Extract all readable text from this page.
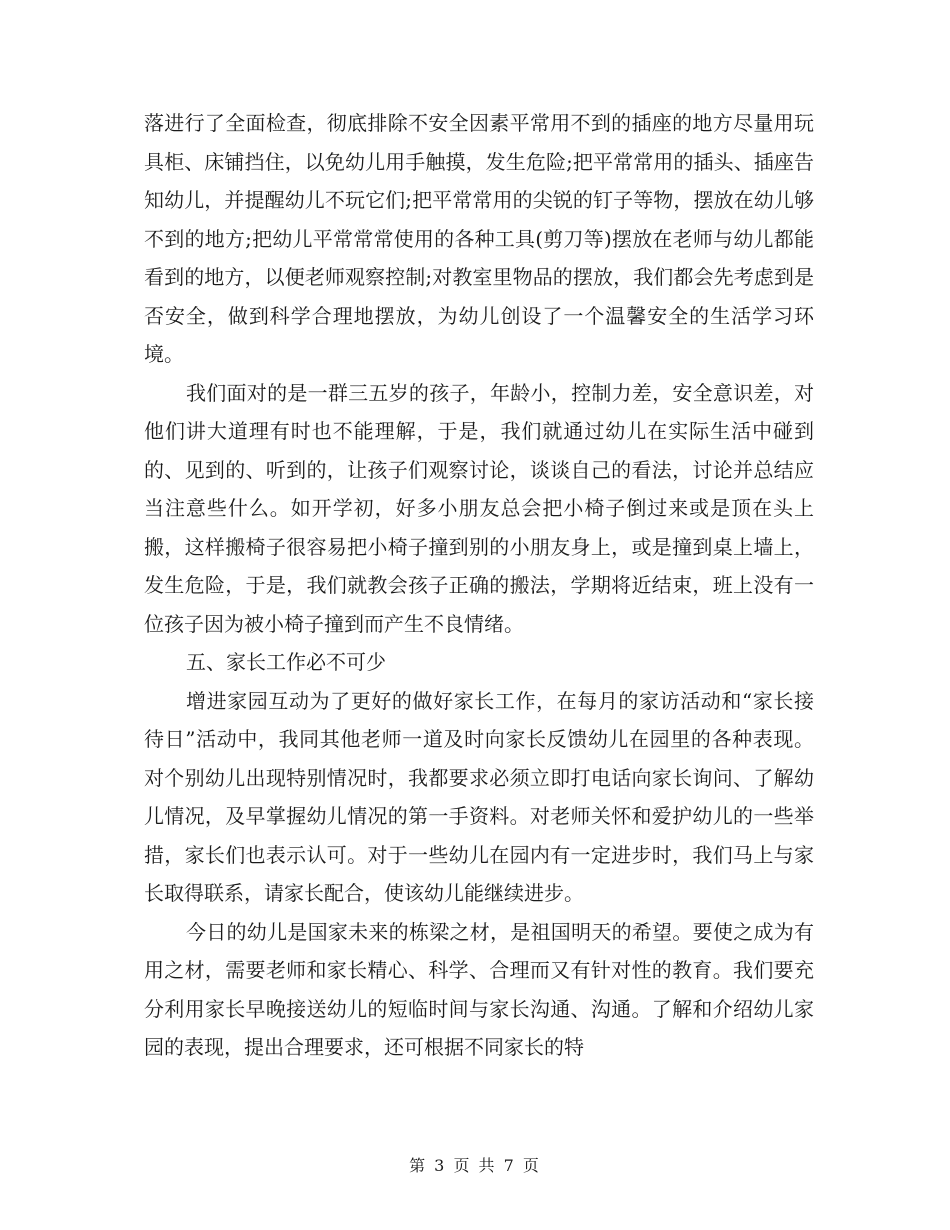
落进行了全面检查，彻底排除不安全因素平常用不到的插座的地方尽量用玩具柜、床铺挡住，以免幼儿用手触摸，发生危险;把平常常用的插头、插座告知幼儿，并提醒幼儿不玩它们;把平常常用的尖锐的钉子等物，摆放在幼儿够不到的地方;把幼儿平常常常使用的各种工具(剪刀等)摆放在老师与幼儿都能看到的地方，以便老师观察控制;对教室里物品的摆放，我们都会先考虑到是否安全，做到科学合理地摆放，为幼儿创设了一个温馨安全的生活学习环境。

我们面对的是一群三五岁的孩子，年龄小，控制力差，安全意识差，对他们讲大道理有时也不能理解，于是，我们就通过幼儿在实际生活中碰到的、见到的、听到的，让孩子们观察讨论，谈谈自己的看法，讨论并总结应当注意些什么。如开学初，好多小朋友总会把小椅子倒过来或是顶在头上搬，这样搬椅子很容易把小椅子撞到别的小朋友身上，或是撞到桌上墙上，发生危险，于是，我们就教会孩子正确的搬法，学期将近结束，班上没有一位孩子因为被小椅子撞到而产生不良情绪。

五、家长工作必不可少

增进家园互动为了更好的做好家长工作，在每月的家访活动和“家长接待日”活动中，我同其他老师一道及时向家长反馈幼儿在园里的各种表现。对个别幼儿出现特别情况时，我都要求必须立即打电话向家长询问、了解幼儿情况，及早掌握幼儿情况的第一手资料。对老师关怀和爱护幼儿的一些举措，家长们也表示认可。对于一些幼儿在园内有一定进步时，我们马上与家长取得联系，请家长配合，使该幼儿能继续进步。

今日的幼儿是国家未来的栋梁之材，是祖国明天的希望。要使之成为有用之材，需要老师和家长精心、科学、合理而又有针对性的教育。我们要充分利用家长早晚接送幼儿的短临时间与家长沟通、沟通。了解和介绍幼儿家园的表现，提出合理要求，还可根据不同家长的特

第 3 页 共 7 页
